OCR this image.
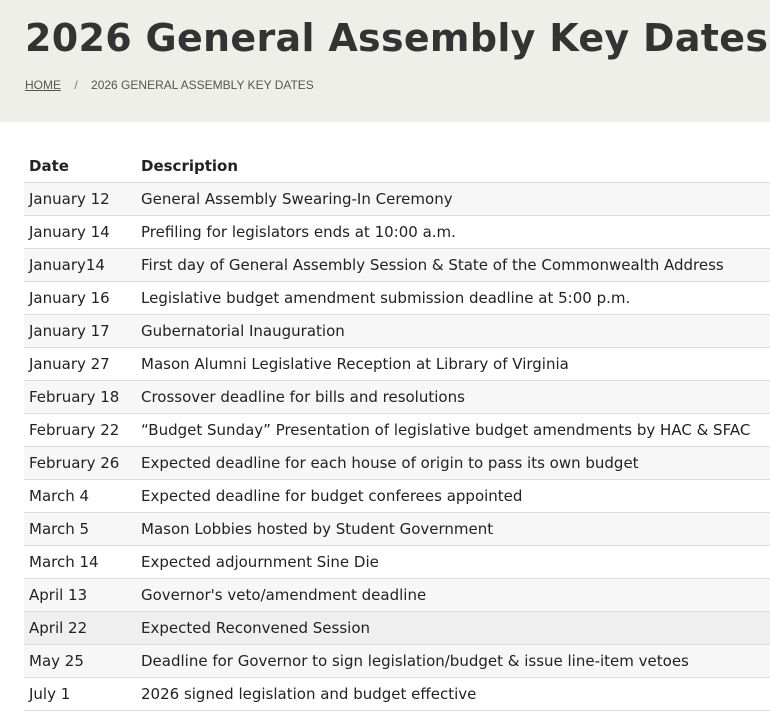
2026 General Assembly Key Dates
HOME / 2026 GENERAL ASSEMBLY KEY DATES
Date	Description
January 12	General Assembly Swearing-In Ceremony
January 14	Prefiling for legislators ends at 10:00 a.m.
January14	First day of General Assembly Session & State of the Commonwealth Address
January 16	Legislative budget amendment submission deadline at 5:00 p.m.
January 17	Gubernatorial Inauguration
January 27	Mason Alumni Legislative Reception at Library of Virginia
February 18	Crossover deadline for bills and resolutions
February 22	“Budget Sunday” Presentation of legislative budget amendments by HAC & SFAC
February 26	Expected deadline for each house of origin to pass its own budget
March 4	Expected deadline for budget conferees appointed
March 5	Mason Lobbies hosted by Student Government
March 14	Expected adjournment Sine Die
April 13	Governor's veto/amendment deadline
April 22	Expected Reconvened Session
May 25	Deadline for Governor to sign legislation/budget & issue line-item vetoes
July 1	2026 signed legislation and budget effective
